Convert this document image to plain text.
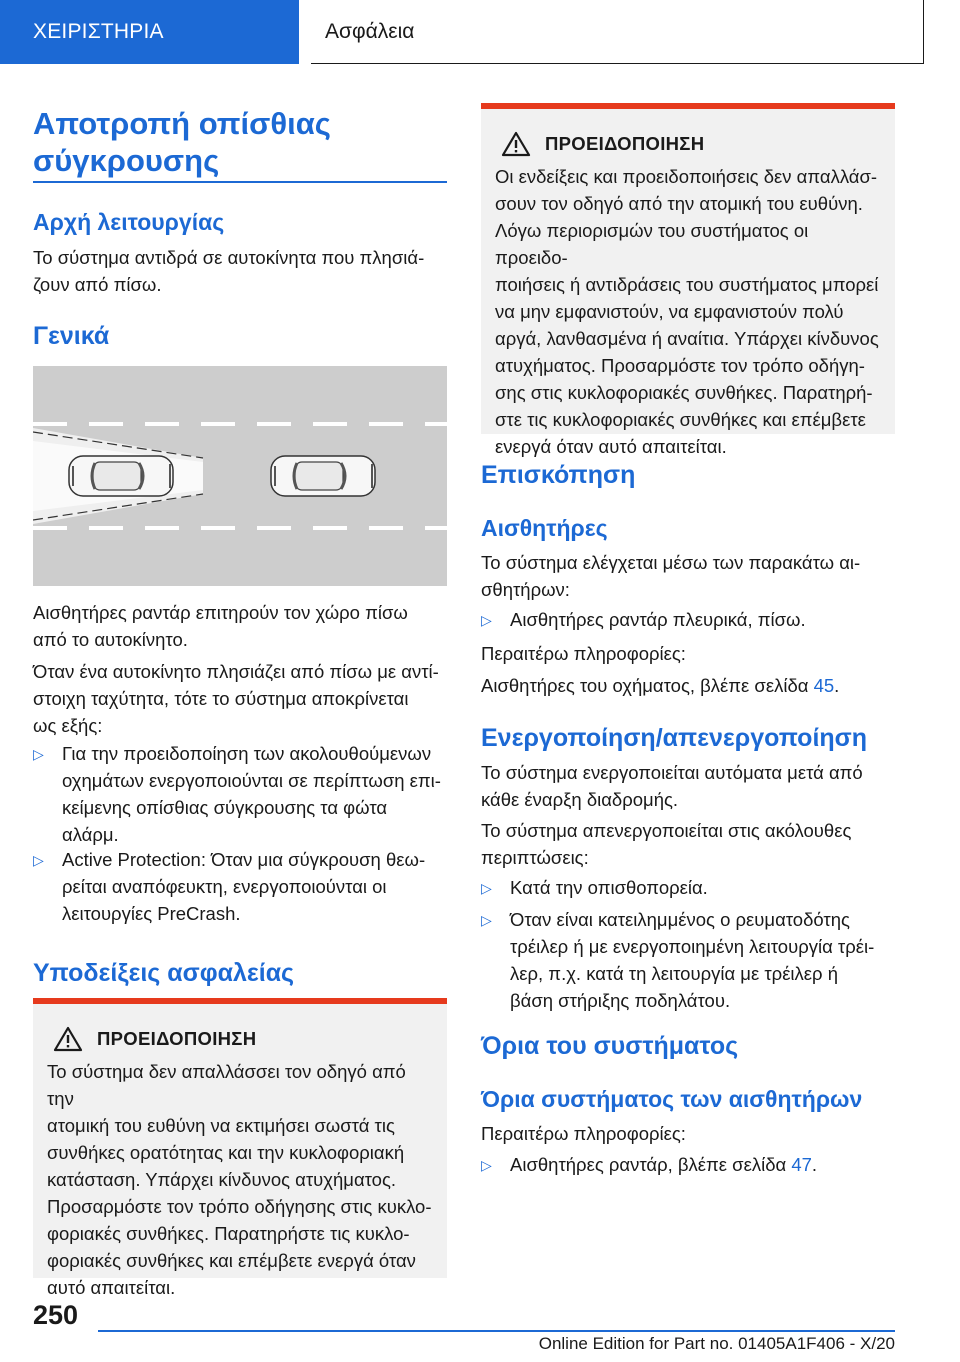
ΧΕΙΡΙΣΤΗΡΙΑ	Ασφάλεια
Αποτροπή οπίσθιας
σύγκρουσης
Αρχή λειτουργίας
Το σύστημα αντιδρά σε αυτοκίνητα που πλησιά-
ζουν από πίσω.
Γενικά
Αισθητήρες ραντάρ επιτηρούν τον χώρο πίσω
από το αυτοκίνητο.
Όταν ένα αυτοκίνητο πλησιάζει από πίσω με αντί-
στοιχη ταχύτητα, τότε το σύστημα αποκρίνεται
ως εξής:
▷ Για την προειδοποίηση των ακολουθούμενων
οχημάτων ενεργοποιούνται σε περίπτωση επι-
κείμενης οπίσθιας σύγκρουσης τα φώτα
αλάρμ.
▷ Active Protection: Όταν μια σύγκρουση θεω-
ρείται αναπόφευκτη, ενεργοποιούνται οι
λειτουργίες PreCrash.
Υποδείξεις ασφαλείας
ΠΡΟΕΙΔΟΠΟΙΗΣΗ
Το σύστημα δεν απαλλάσσει τον οδηγό από την
ατομική του ευθύνη να εκτιμήσει σωστά τις
συνθήκες ορατότητας και την κυκλοφοριακή
κατάσταση. Υπάρχει κίνδυνος ατυχήματος.
Προσαρμόστε τον τρόπο οδήγησης στις κυκλο-
φοριακές συνθήκες. Παρατηρήστε τις κυκλο-
φοριακές συνθήκες και επέμβετε ενεργά όταν
αυτό απαιτείται.
ΠΡΟΕΙΔΟΠΟΙΗΣΗ
Οι ενδείξεις και προειδοποιήσεις δεν απαλλάσ-
σουν τον οδηγό από την ατομική του ευθύνη.
Λόγω περιορισμών του συστήματος οι προειδο-
ποιήσεις ή αντιδράσεις του συστήματος μπορεί
να μην εμφανιστούν, να εμφανιστούν πολύ
αργά, λανθασμένα ή αναίτια. Υπάρχει κίνδυνος
ατυχήματος. Προσαρμόστε τον τρόπο οδήγη-
σης στις κυκλοφοριακές συνθήκες. Παρατηρή-
στε τις κυκλοφοριακές συνθήκες και επέμβετε
ενεργά όταν αυτό απαιτείται.
Επισκόπηση
Αισθητήρες
Το σύστημα ελέγχεται μέσω των παρακάτω αι-
σθητήρων:
▷ Αισθητήρες ραντάρ πλευρικά, πίσω.
Περαιτέρω πληροφορίες:
Αισθητήρες του οχήματος, βλέπε σελίδα 45.
Ενεργοποίηση/απενεργοποίηση
Το σύστημα ενεργοποιείται αυτόματα μετά από
κάθε έναρξη διαδρομής.
Το σύστημα απενεργοποιείται στις ακόλουθες
περιπτώσεις:
▷ Κατά την οπισθοπορεία.
▷ Όταν είναι κατειλημμένος ο ρευματοδότης
τρέιλερ ή με ενεργοποιημένη λειτουργία τρέι-
λερ, π.χ. κατά τη λειτουργία με τρέιλερ ή
βάση στήριξης ποδηλάτου.
Όρια του συστήματος
Όρια συστήματος των αισθητήρων
Περαιτέρω πληροφορίες:
▷ Αισθητήρες ραντάρ, βλέπε σελίδα 47.
250
Online Edition for Part no. 01405A1F406 - X/20
